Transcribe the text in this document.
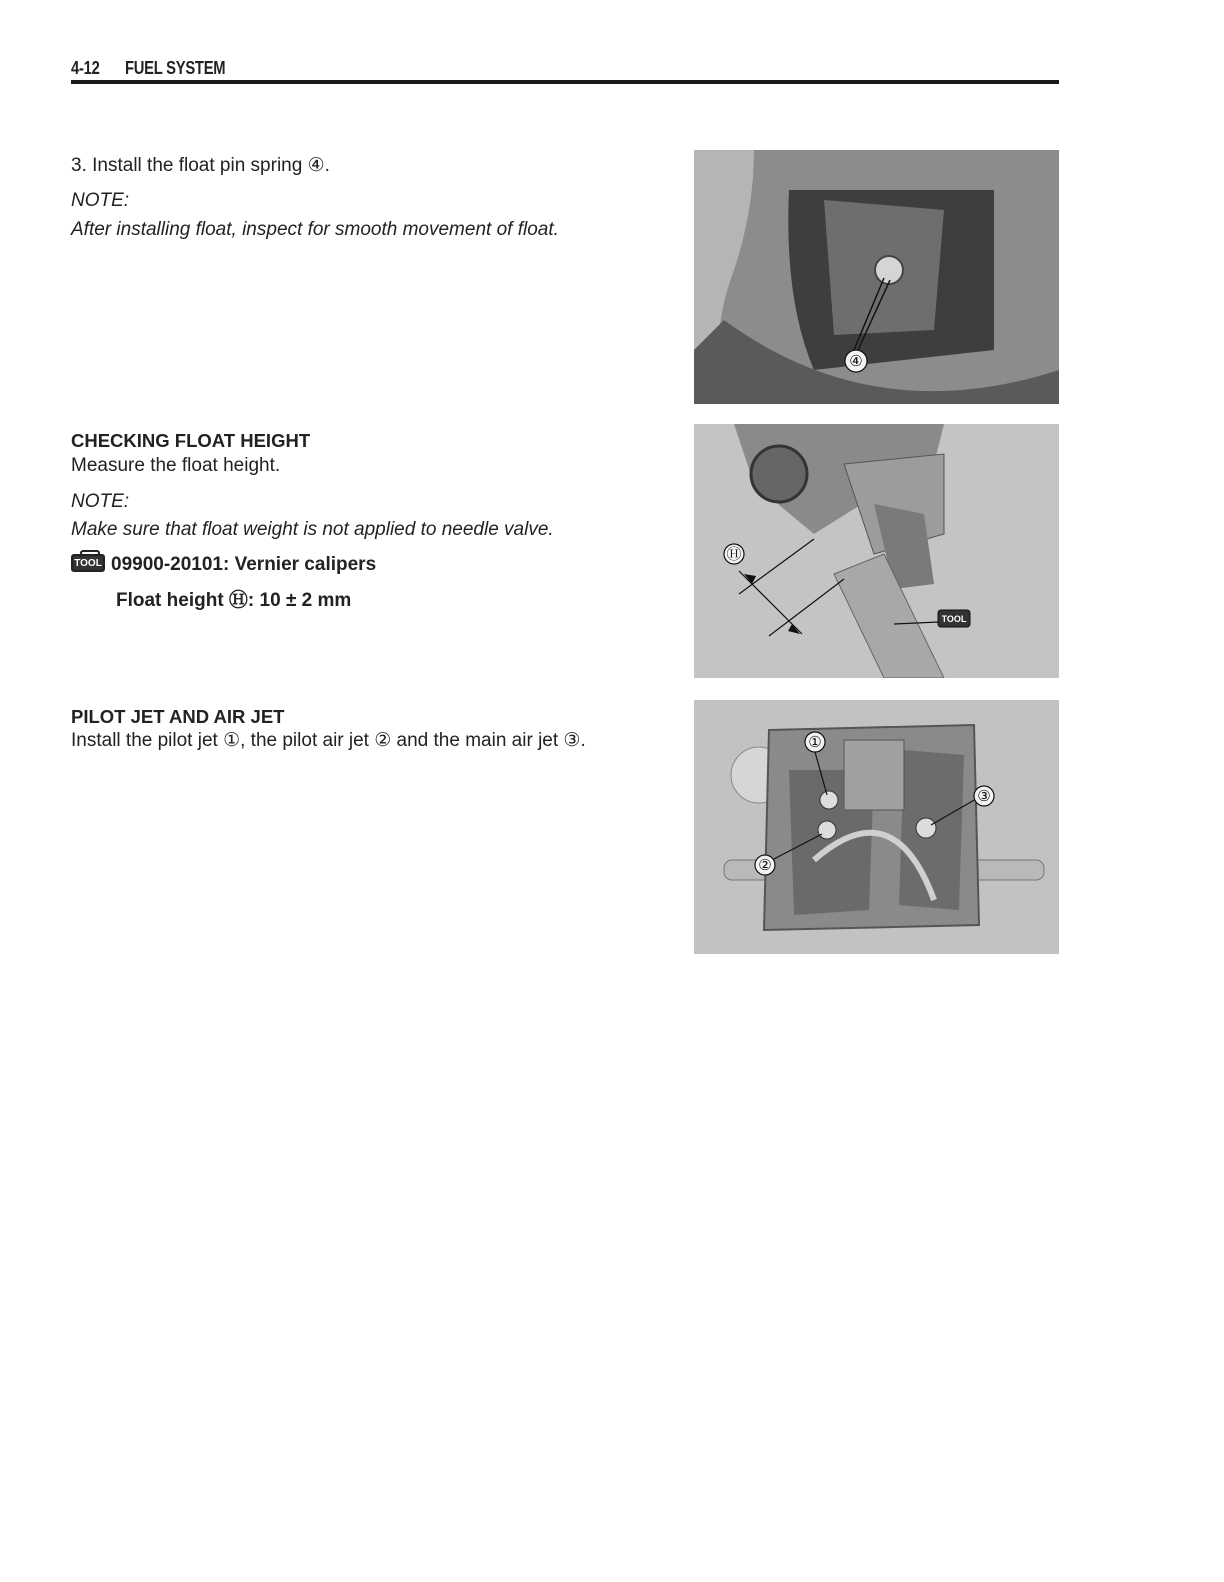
4-12 FUEL SYSTEM
3. Install the float pin spring ④.
NOTE:
After installing float, inspect for smooth movement of float.
CHECKING FLOAT HEIGHT
Measure the float height.
NOTE:
Make sure that float weight is not applied to needle valve.
TOOL 09900-20101: Vernier calipers
Float height Ⓗ: 10 ± 2 mm
PILOT JET AND AIR JET
Install the pilot jet ①, the pilot air jet ② and the main air jet ③.
④
Ⓗ
TOOL
①
③
②
